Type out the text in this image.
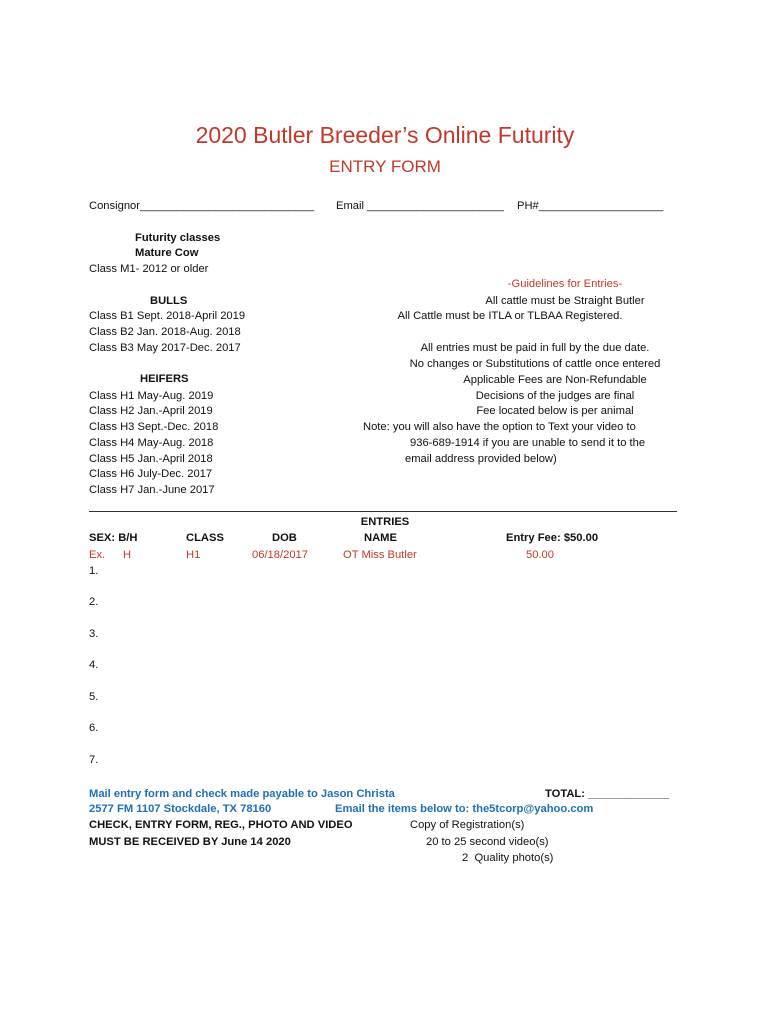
2020 Butler Breeder’s Online Futurity
ENTRY FORM
Consignor____________________________ Email ______________________ PH#____________________
Futurity classes
Mature Cow
Class M1- 2012 or older
BULLS
Class B1 Sept. 2018-April 2019
Class B2 Jan. 2018-Aug. 2018
Class B3 May 2017-Dec. 2017
HEIFERS
Class H1 May-Aug. 2019
Class H2 Jan.-April 2019
Class H3 Sept.-Dec. 2018
Class H4 May-Aug. 2018
Class H5 Jan.-April 2018
Class H6 July-Dec. 2017
Class H7 Jan.-June 2017
-Guidelines for Entries-
All cattle must be Straight Butler
All Cattle must be ITLA or TLBAA Registered.
All entries must be paid in full by the due date.
No changes or Substitutions of cattle once entered
Applicable Fees are Non-Refundable
Decisions of the judges are final
Fee located below is per animal
Note: you will also have the option to Text your video to
936-689-1914 if you are unable to send it to the
email address provided below)
ENTRIES
SEX: B/H	CLASS	DOB	NAME	Entry Fee: $50.00
Ex. H	H1	06/18/2017	OT Miss Butler	50.00
1.
2.
3.
4.
5.
6.
7.
Mail entry form and check made payable to Jason Christa	TOTAL: _____________
2577 FM 1107 Stockdale, TX 78160	Email the items below to: the5tcorp@yahoo.com
CHECK, ENTRY FORM, REG., PHOTO AND VIDEO	Copy of Registration(s)
MUST BE RECEIVED BY June 14 2020	20 to 25 second video(s)
2  Quality photo(s)
